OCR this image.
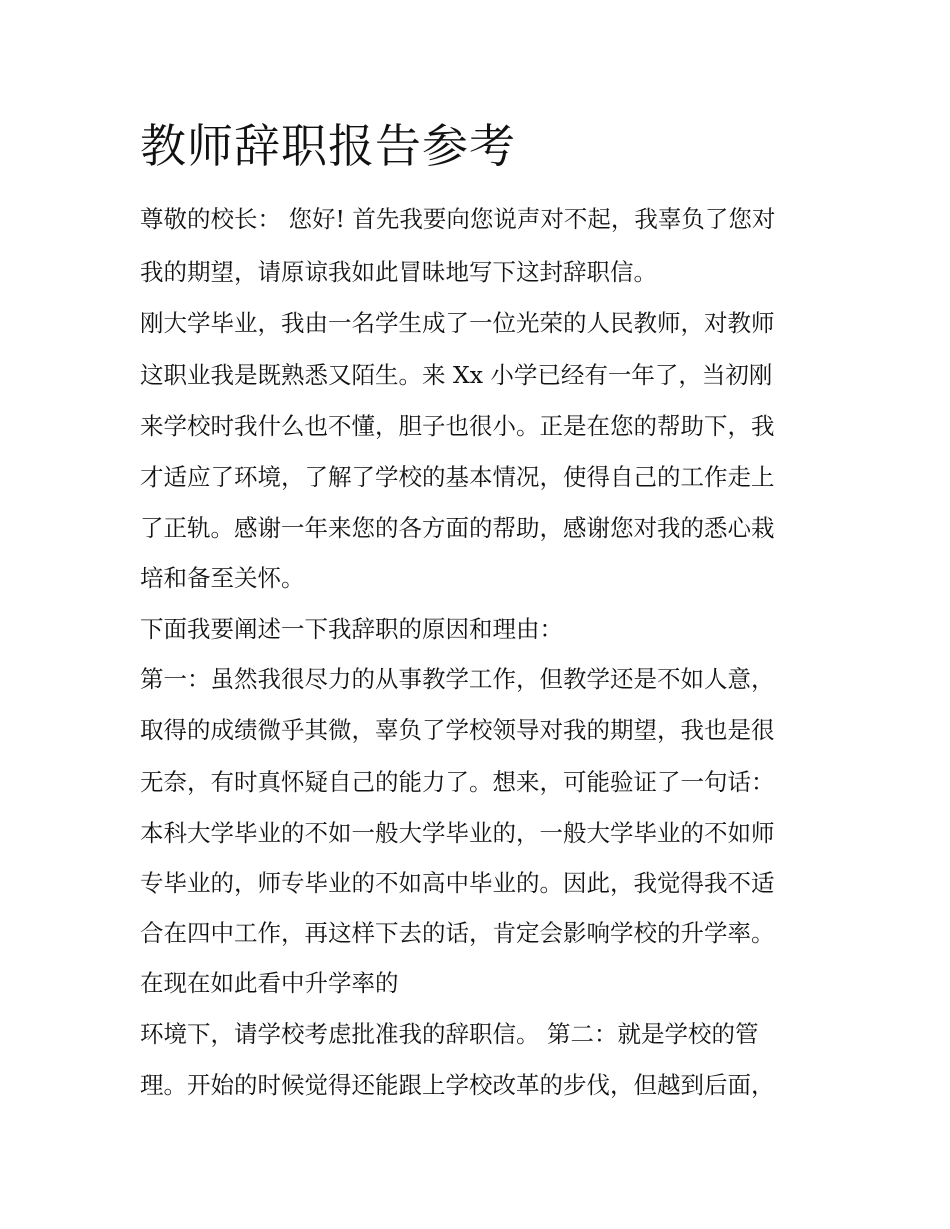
教师辞职报告参考

尊敬的校长： 您好! 首先我要向您说声对不起，我辜负了您对

我的期望，请原谅我如此冒昧地写下这封辞职信。

刚大学毕业，我由一名学生成了一位光荣的人民教师，对教师

这职业我是既熟悉又陌生。来 Xx 小学已经有一年了，当初刚

来学校时我什么也不懂，胆子也很小。正是在您的帮助下，我

才适应了环境，了解了学校的基本情况，使得自己的工作走上

了正轨。感谢一年来您的各方面的帮助，感谢您对我的悉心栽

培和备至关怀。

下面我要阐述一下我辞职的原因和理由：

第一：虽然我很尽力的从事教学工作，但教学还是不如人意，

取得的成绩微乎其微，辜负了学校领导对我的期望，我也是很

无奈，有时真怀疑自己的能力了。想来，可能验证了一句话：

本科大学毕业的不如一般大学毕业的，一般大学毕业的不如师

专毕业的，师专毕业的不如高中毕业的。因此，我觉得我不适

合在四中工作，再这样下去的话，肯定会影响学校的升学率。

在现在如此看中升学率的

环境下，请学校考虑批准我的辞职信。 第二：就是学校的管

理。开始的时候觉得还能跟上学校改革的步伐，但越到后面，
